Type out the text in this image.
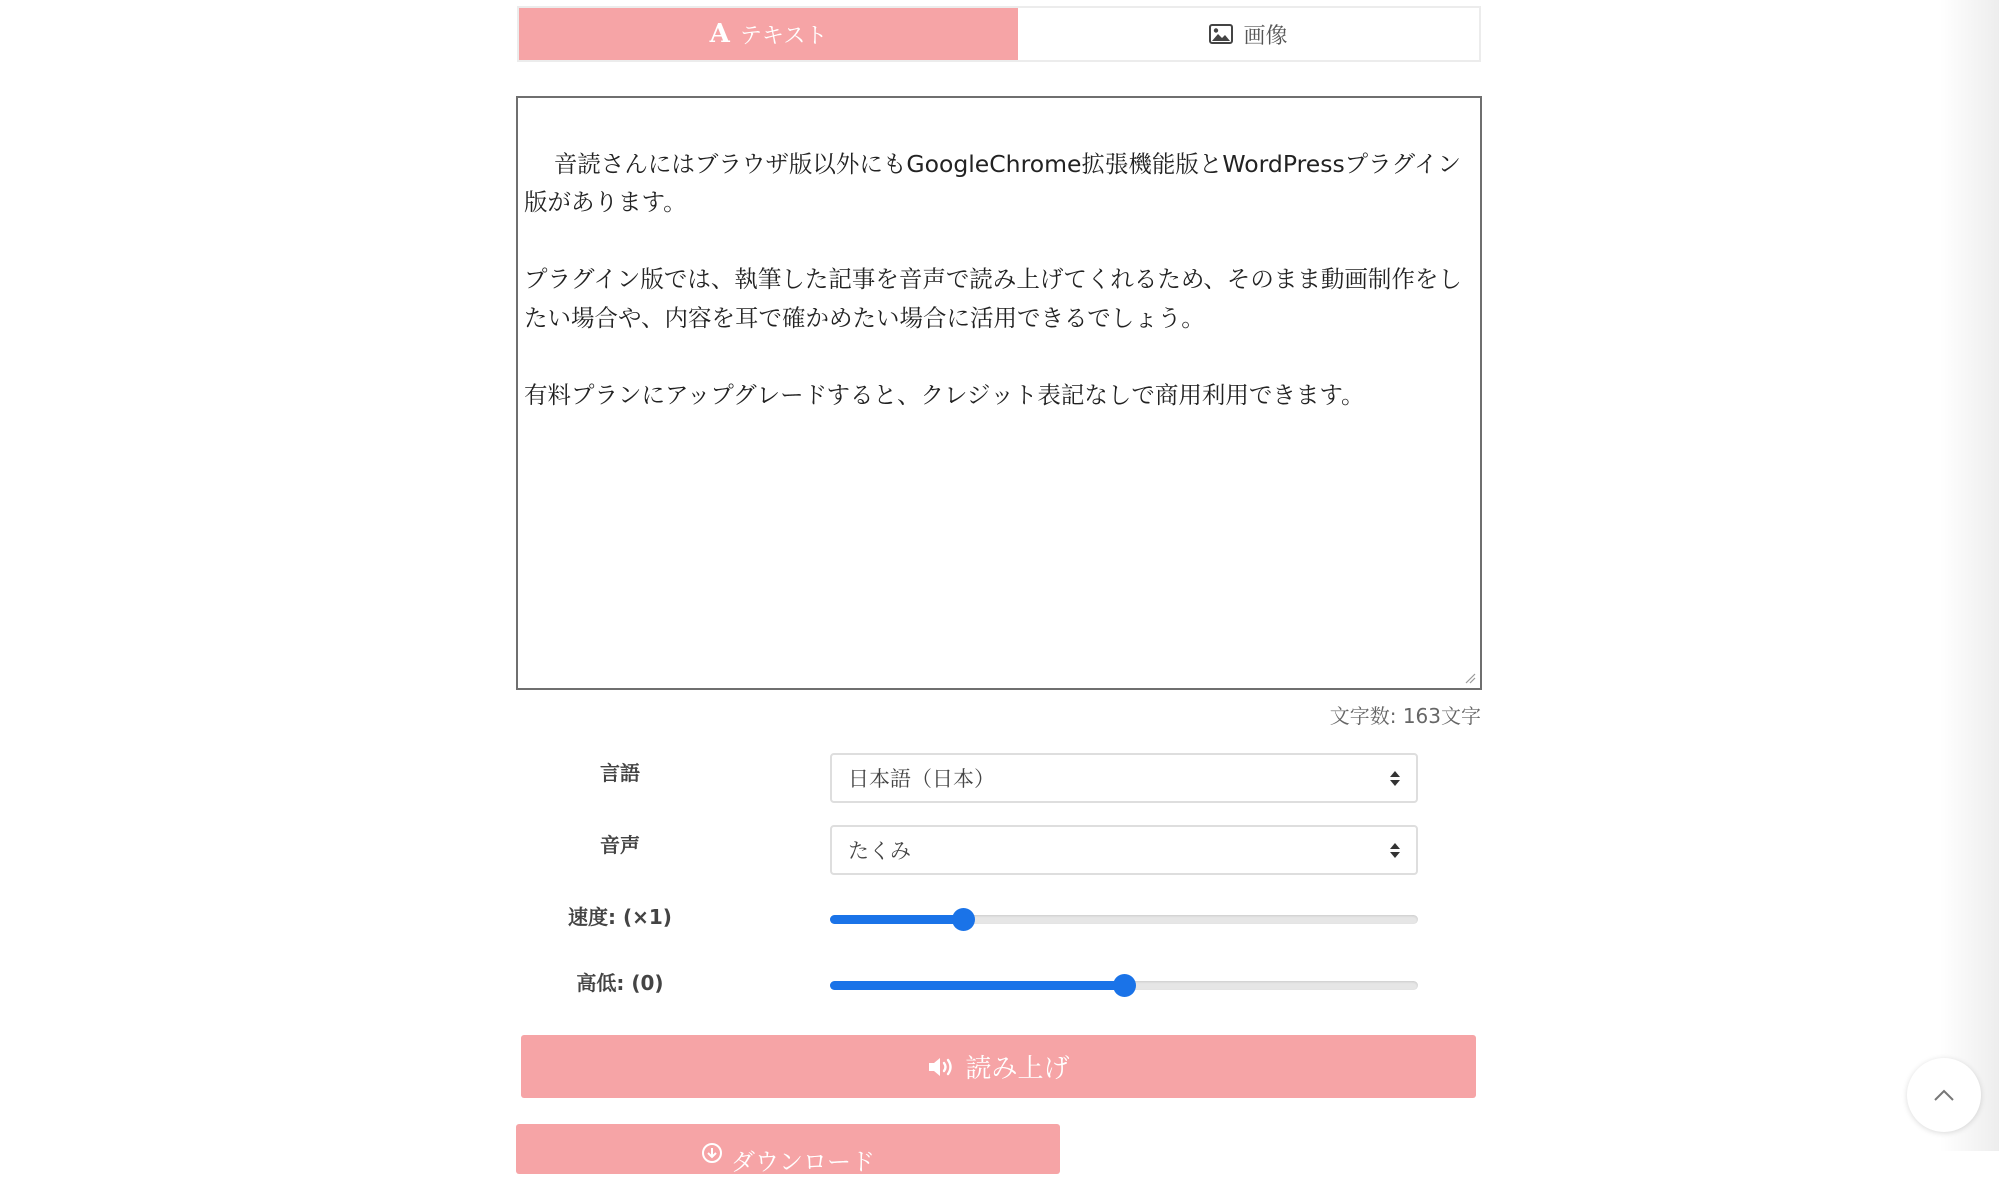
A テキスト	画像

音読さんにはブラウザ版以外にもGoogleChrome拡張機能版とWordPressプラグイン版があります。

プラグイン版では、執筆した記事を音声で読み上げてくれるため、そのまま動画制作をしたい場合や、内容を耳で確かめたい場合に活用できるでしょう。

有料プランにアップグレードすると、クレジット表記なしで商用利用できます。

文字数: 163文字
言語	日本語（日本）
音声	たくみ
速度: (×1)
高低: (0)
読み上げ
ダウンロード
